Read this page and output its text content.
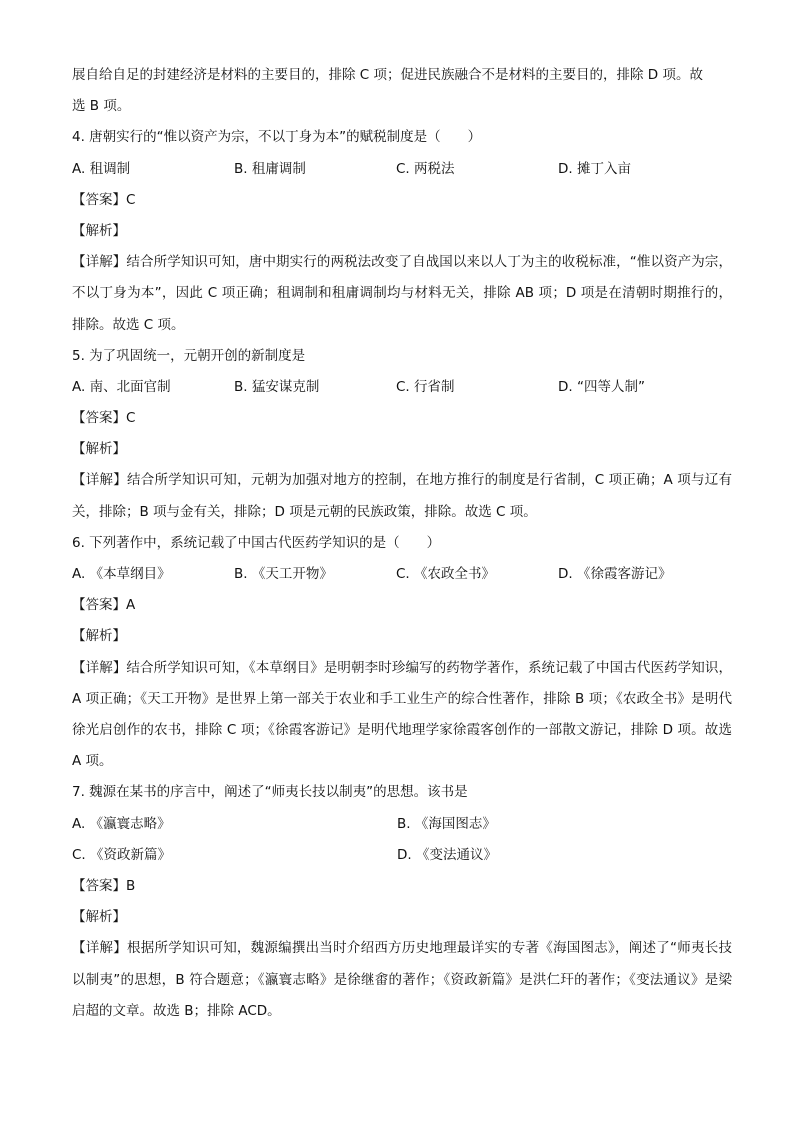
展自给自足的封建经济是材料的主要目的，排除 C 项；促进民族融合不是材料的主要目的，排除 D 项。故
选 B 项。
4. 唐朝实行的“惟以资产为宗，不以丁身为本”的赋税制度是（　　）
A. 租调制	B. 租庸调制	C. 两税法	D. 摊丁入亩
【答案】C
【解析】
【详解】结合所学知识可知，唐中期实行的两税法改变了自战国以来以人丁为主的收税标准，“惟以资产为宗，不以丁身为本”，因此 C 项正确；租调制和租庸调制均与材料无关，排除 AB 项；D 项是在清朝时期推行的，排除。故选 C 项。
5. 为了巩固统一，元朝开创的新制度是
A. 南、北面官制	B. 猛安谋克制	C. 行省制	D. “四等人制”
【答案】C
【解析】
【详解】结合所学知识可知，元朝为加强对地方的控制，在地方推行的制度是行省制，C 项正确；A 项与辽有关，排除；B 项与金有关，排除；D 项是元朝的民族政策，排除。故选 C 项。
6. 下列著作中，系统记载了中国古代医药学知识的是（　　）
A. 《本草纲目》	B. 《天工开物》	C. 《农政全书》	D. 《徐霞客游记》
【答案】A
【解析】
【详解】结合所学知识可知，《本草纲目》是明朝李时珍编写的药物学著作，系统记载了中国古代医药学知识，A 项正确；《天工开物》是世界上第一部关于农业和手工业生产的综合性著作，排除 B 项；《农政全书》是明代徐光启创作的农书，排除 C 项；《徐霞客游记》是明代地理学家徐霞客创作的一部散文游记，排除 D 项。故选 A 项。
7. 魏源在某书的序言中，阐述了“师夷长技以制夷”的思想。该书是
A. 《瀛寰志略》	B. 《海国图志》
C. 《资政新篇》	D. 《变法通议》
【答案】B
【解析】
【详解】根据所学知识可知，魏源编撰出当时介绍西方历史地理最详实的专著《海国图志》，阐述了“师夷长技以制夷”的思想，B 符合题意；《瀛寰志略》是徐继畬的著作；《资政新篇》是洪仁玕的著作；《变法通议》是梁启超的文章。故选 B；排除 ACD。
